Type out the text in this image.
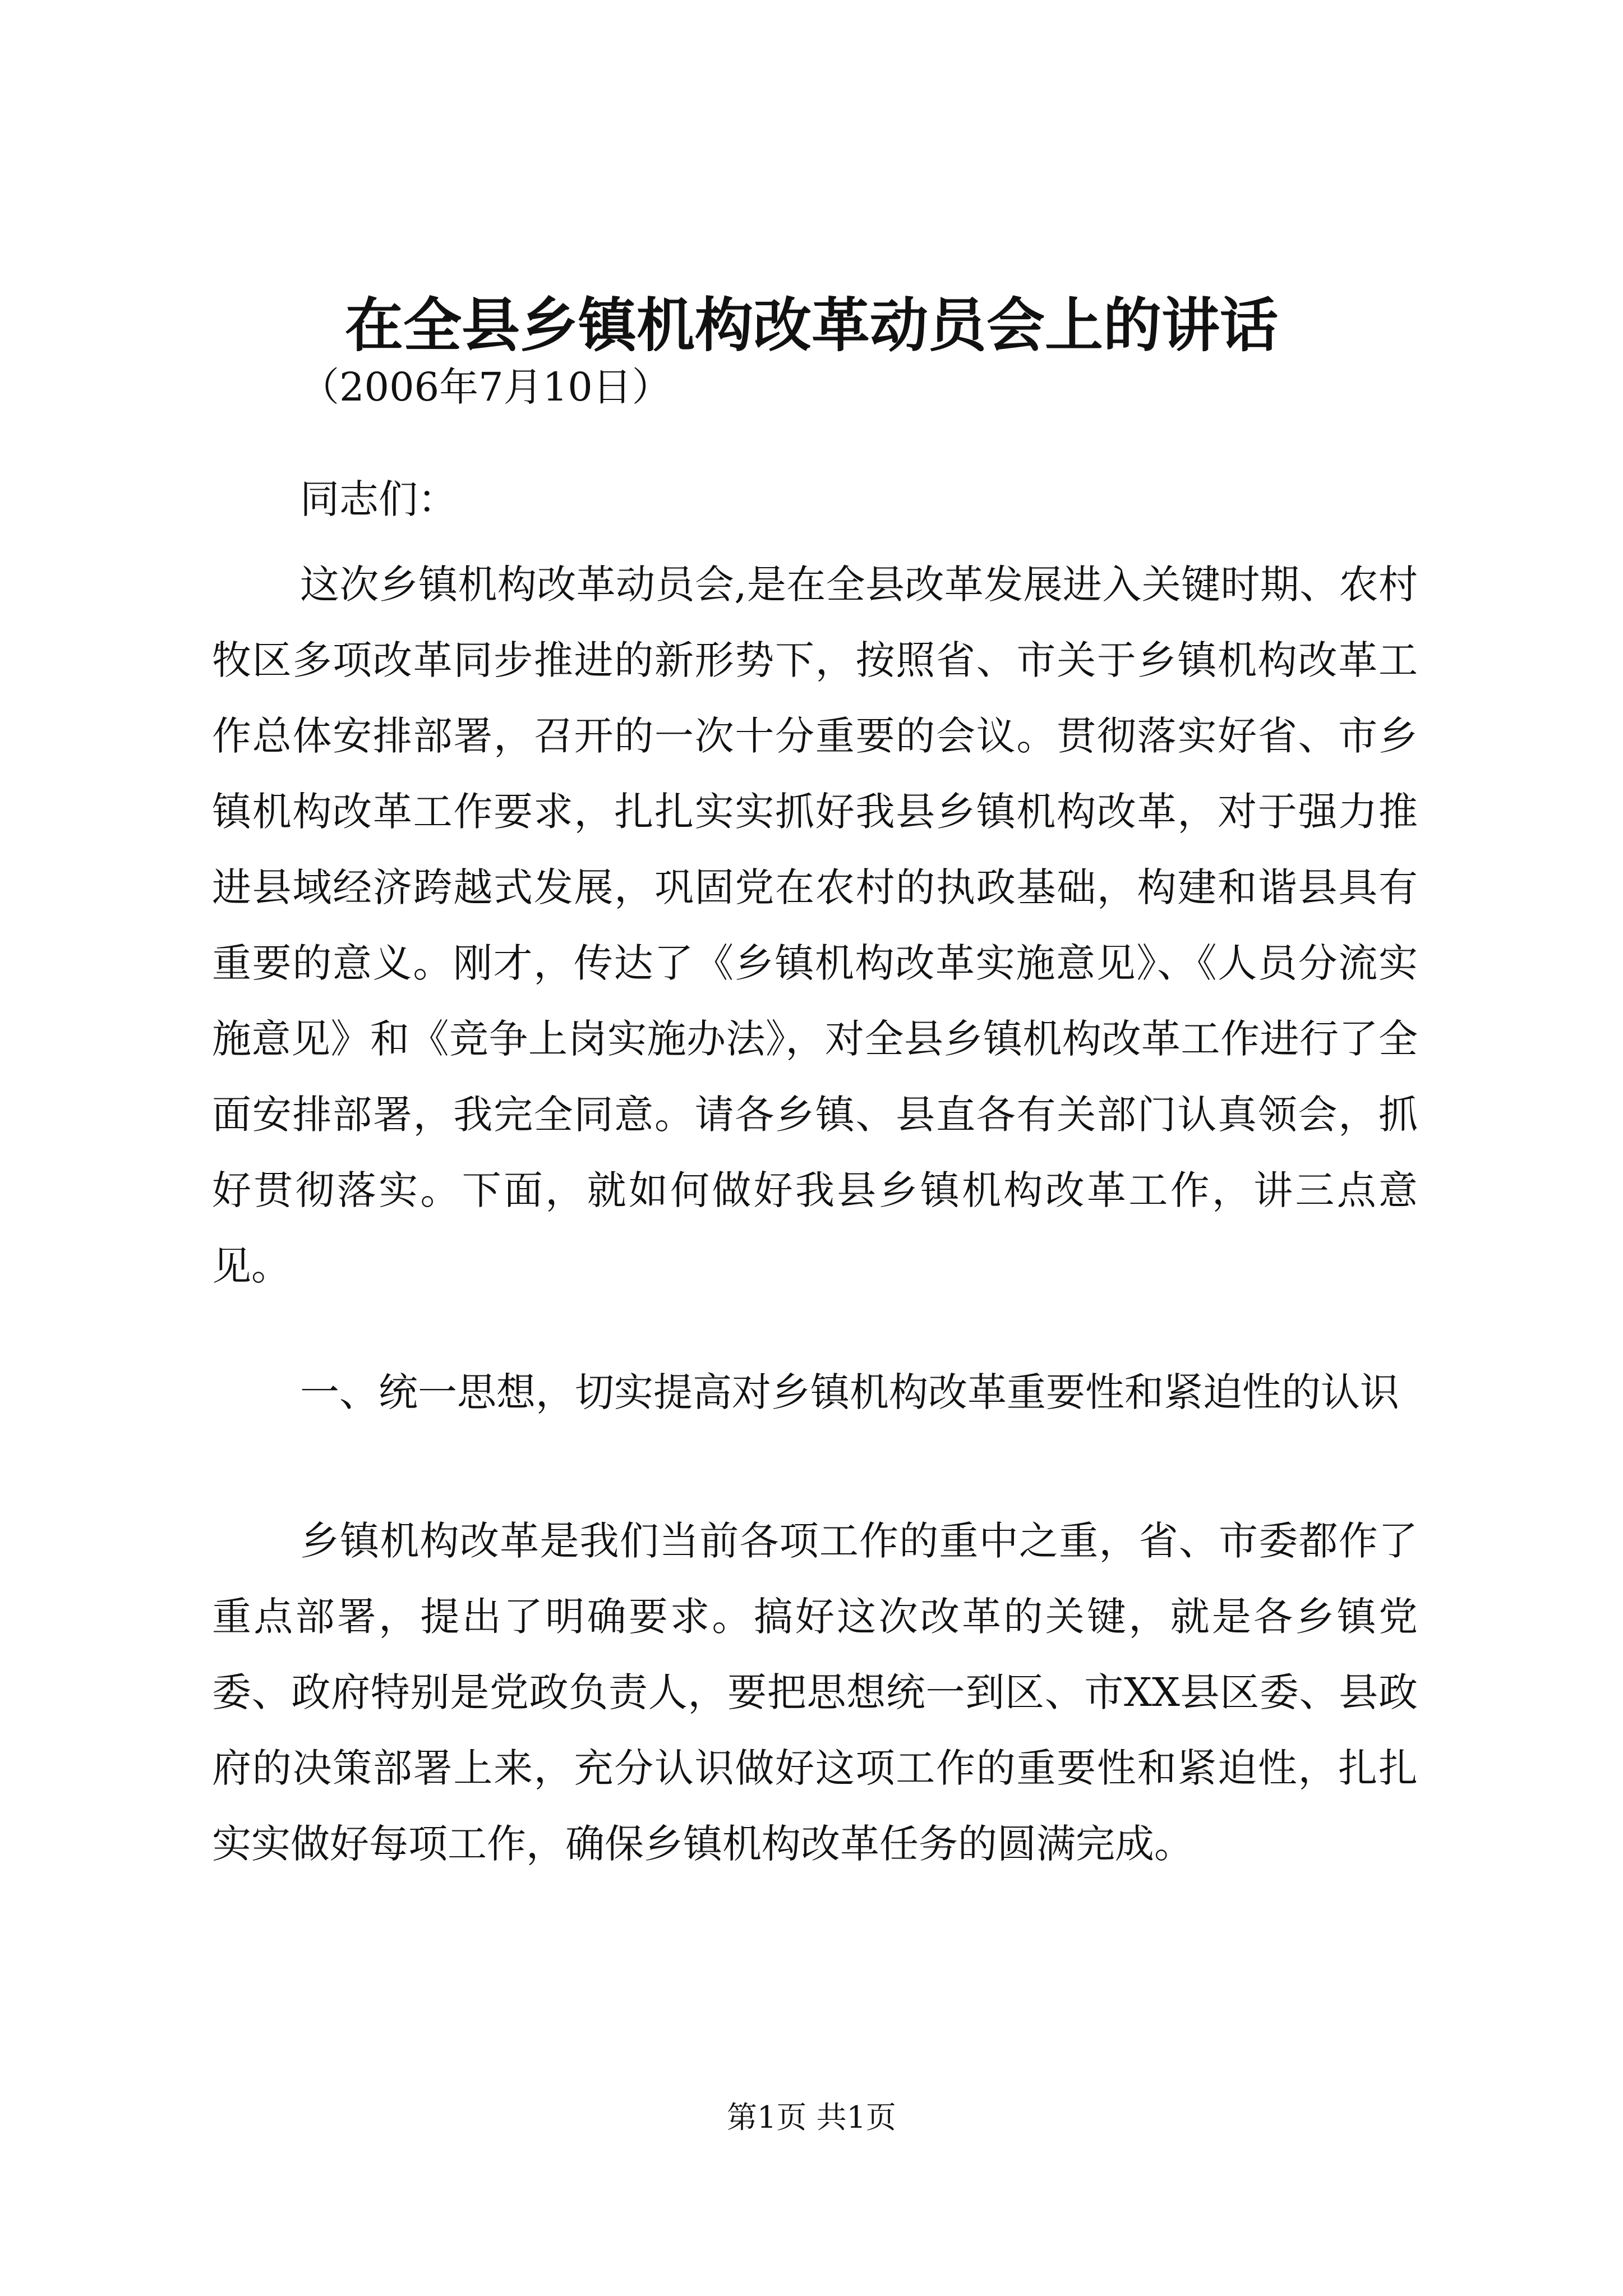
在全县乡镇机构改革动员会上的讲话
（2006年7月10日）
同志们：
这次乡镇机构改革动员会,是在全县改革发展进入关键时期、农村牧区多项改革同步推进的新形势下，按照省、市关于乡镇机构改革工作总体安排部署，召开的一次十分重要的会议。贯彻落实好省、市乡镇机构改革工作要求，扎扎实实抓好我县乡镇机构改革，对于强力推进县域经济跨越式发展，巩固党在农村的执政基础，构建和谐县具有重要的意义。刚才，传达了《乡镇机构改革实施意见》、《人员分流实施意见》和《竞争上岗实施办法》，对全县乡镇机构改革工作进行了全面安排部署，我完全同意。请各乡镇、县直各有关部门认真领会，抓好贯彻落实。下面，就如何做好我县乡镇机构改革工作，讲三点意见。
一、统一思想，切实提高对乡镇机构改革重要性和紧迫性的认识
乡镇机构改革是我们当前各项工作的重中之重，省、市委都作了重点部署，提出了明确要求。搞好这次改革的关键，就是各乡镇党委、政府特别是党政负责人，要把思想统一到区、市XX县区委、县政府的决策部署上来，充分认识做好这项工作的重要性和紧迫性，扎扎实实做好每项工作，确保乡镇机构改革任务的圆满完成。
第1页 共1页
